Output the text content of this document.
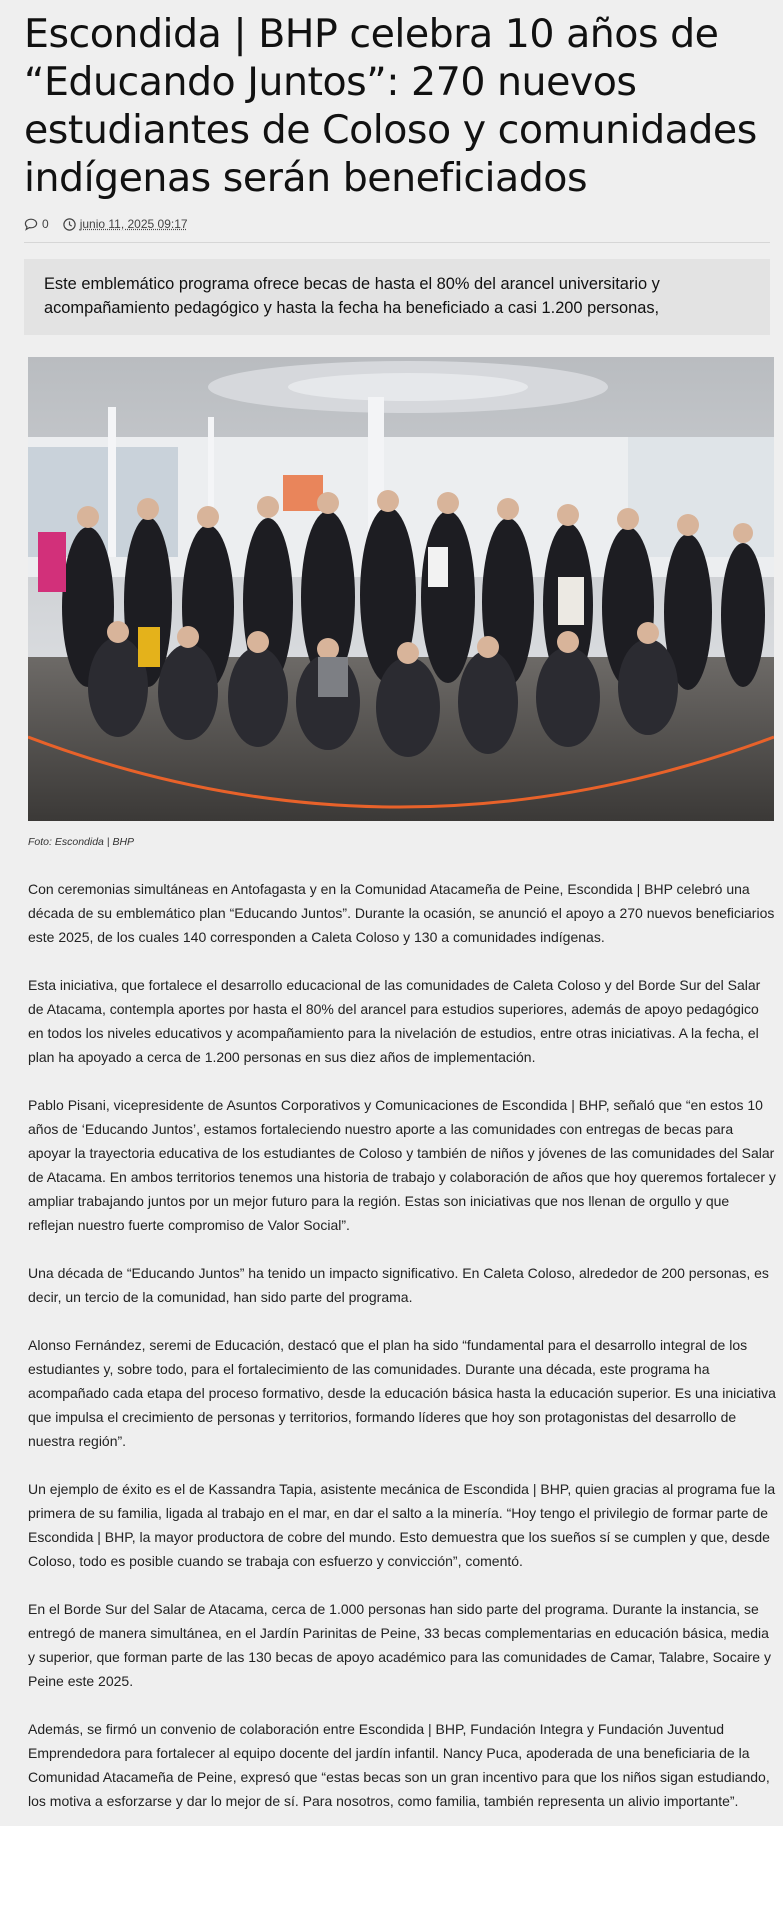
Escondida | BHP celebra 10 años de “Educando Juntos”: 270 nuevos estudiantes de Coloso y comunidades indígenas serán beneficiados
0	junio 11, 2025 09:17
Este emblemático programa ofrece becas de hasta el 80% del arancel universitario y acompañamiento pedagógico y hasta la fecha ha beneficiado a casi 1.200 personas,
Foto: Escondida | BHP

Con ceremonias simultáneas en Antofagasta y en la Comunidad Atacameña de Peine, Escondida | BHP celebró una década de su emblemático plan “Educando Juntos”. Durante la ocasión, se anunció el apoyo a 270 nuevos beneficiarios este 2025, de los cuales 140 corresponden a Caleta Coloso y 130 a comunidades indígenas.

Esta iniciativa, que fortalece el desarrollo educacional de las comunidades de Caleta Coloso y del Borde Sur del Salar de Atacama, contempla aportes por hasta el 80% del arancel para estudios superiores, además de apoyo pedagógico en todos los niveles educativos y acompañamiento para la nivelación de estudios, entre otras iniciativas. A la fecha, el plan ha apoyado a cerca de 1.200 personas en sus diez años de implementación.

Pablo Pisani, vicepresidente de Asuntos Corporativos y Comunicaciones de Escondida | BHP, señaló que “en estos 10 años de ‘Educando Juntos’, estamos fortaleciendo nuestro aporte a las comunidades con entregas de becas para apoyar la trayectoria educativa de los estudiantes de Coloso y también de niños y jóvenes de las comunidades del Salar de Atacama. En ambos territorios tenemos una historia de trabajo y colaboración de años que hoy queremos fortalecer y ampliar trabajando juntos por un mejor futuro para la región. Estas son iniciativas que nos llenan de orgullo y que reflejan nuestro fuerte compromiso de Valor Social”.

Una década de “Educando Juntos” ha tenido un impacto significativo. En Caleta Coloso, alrededor de 200 personas, es decir, un tercio de la comunidad, han sido parte del programa.

Alonso Fernández, seremi de Educación, destacó que el plan ha sido “fundamental para el desarrollo integral de los estudiantes y, sobre todo, para el fortalecimiento de las comunidades. Durante una década, este programa ha acompañado cada etapa del proceso formativo, desde la educación básica hasta la educación superior. Es una iniciativa que impulsa el crecimiento de personas y territorios, formando líderes que hoy son protagonistas del desarrollo de nuestra región”.

Un ejemplo de éxito es el de Kassandra Tapia, asistente mecánica de Escondida | BHP, quien gracias al programa fue la primera de su familia, ligada al trabajo en el mar, en dar el salto a la minería. “Hoy tengo el privilegio de formar parte de Escondida | BHP, la mayor productora de cobre del mundo. Esto demuestra que los sueños sí se cumplen y que, desde Coloso, todo es posible cuando se trabaja con esfuerzo y convicción”, comentó.

En el Borde Sur del Salar de Atacama, cerca de 1.000 personas han sido parte del programa. Durante la instancia, se entregó de manera simultánea, en el Jardín Parinitas de Peine, 33 becas complementarias en educación básica, media y superior, que forman parte de las 130 becas de apoyo académico para las comunidades de Camar, Talabre, Socaire y Peine este 2025.

Además, se firmó un convenio de colaboración entre Escondida | BHP, Fundación Integra y Fundación Juventud Emprendedora para fortalecer al equipo docente del jardín infantil. Nancy Puca, apoderada de una beneficiaria de la Comunidad Atacameña de Peine, expresó que “estas becas son un gran incentivo para que los niños sigan estudiando, los motiva a esforzarse y dar lo mejor de sí. Para nosotros, como familia, también representa un alivio importante”.
